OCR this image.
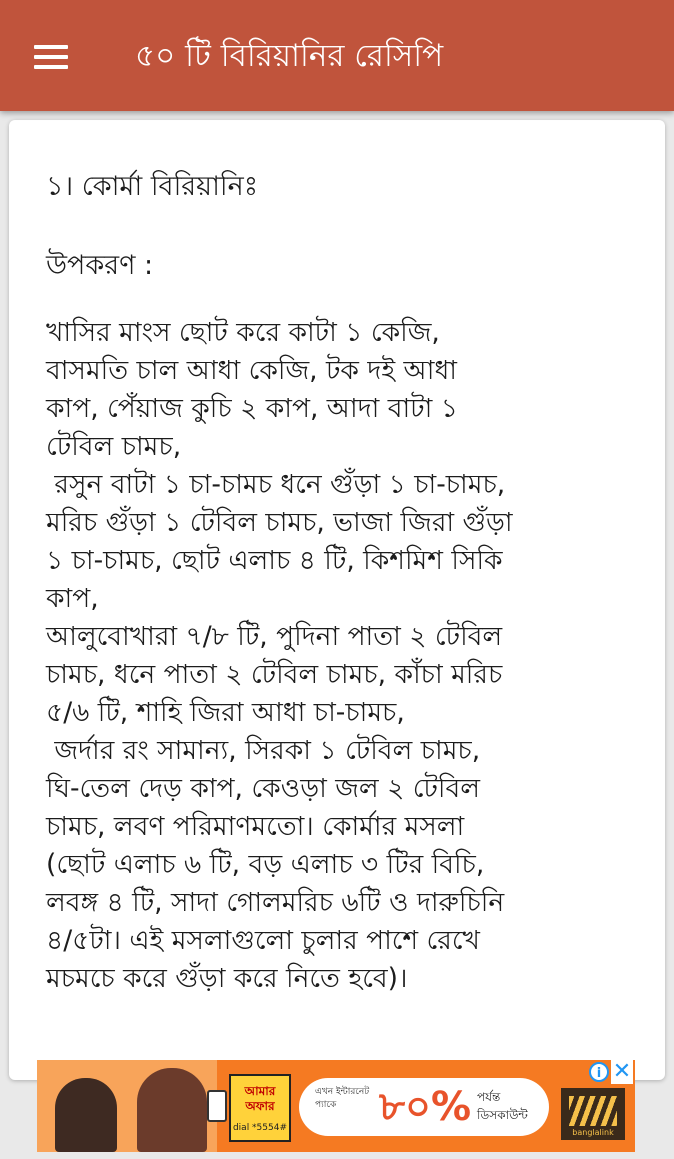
৫০ টি বিরিয়ানির রেসিপি
১। কোর্মা বিরিয়ানিঃ
উপকরণ :
খাসির মাংস ছোট করে কাটা ১ কেজি,
বাসমতি চাল আধা কেজি, টক দই আধা
কাপ, পেঁয়াজ কুচি ২ কাপ, আদা বাটা ১
টেবিল চামচ,
রসুন বাটা ১ চা-চামচ ধনে গুঁড়া ১ চা-চামচ,
মরিচ গুঁড়া ১ টেবিল চামচ, ভাজা জিরা গুঁড়া
১ চা-চামচ, ছোট এলাচ ৪ টি, কিশমিশ সিকি
কাপ,
আলুবোখারা ৭/৮ টি, পুদিনা পাতা ২ টেবিল
চামচ, ধনে পাতা ২ টেবিল চামচ, কাঁচা মরিচ
৫/৬ টি, শাহি জিরা আধা চা-চামচ,
জর্দার রং সামান্য, সিরকা ১ টেবিল চামচ,
ঘি-তেল দেড় কাপ, কেওড়া জল ২ টেবিল
চামচ, লবণ পরিমাণমতো। কোর্মার মসলা
(ছোট এলাচ ৬ টি, বড় এলাচ ৩ টির বিচি,
লবঙ্গ ৪ টি, সাদা গোলমরিচ ৬টি ও দারুচিনি
৪/৫টা। এই মসলাগুলো চুলার পাশে রেখে
মচমচে করে গুঁড়া করে নিতে হবে)।
আমার অফার
dial *5554#
এখন ইন্টারনেট প্যাকে	৮০% পর্যন্ত
ডিসকাউন্ট
banglalink
i ✕
